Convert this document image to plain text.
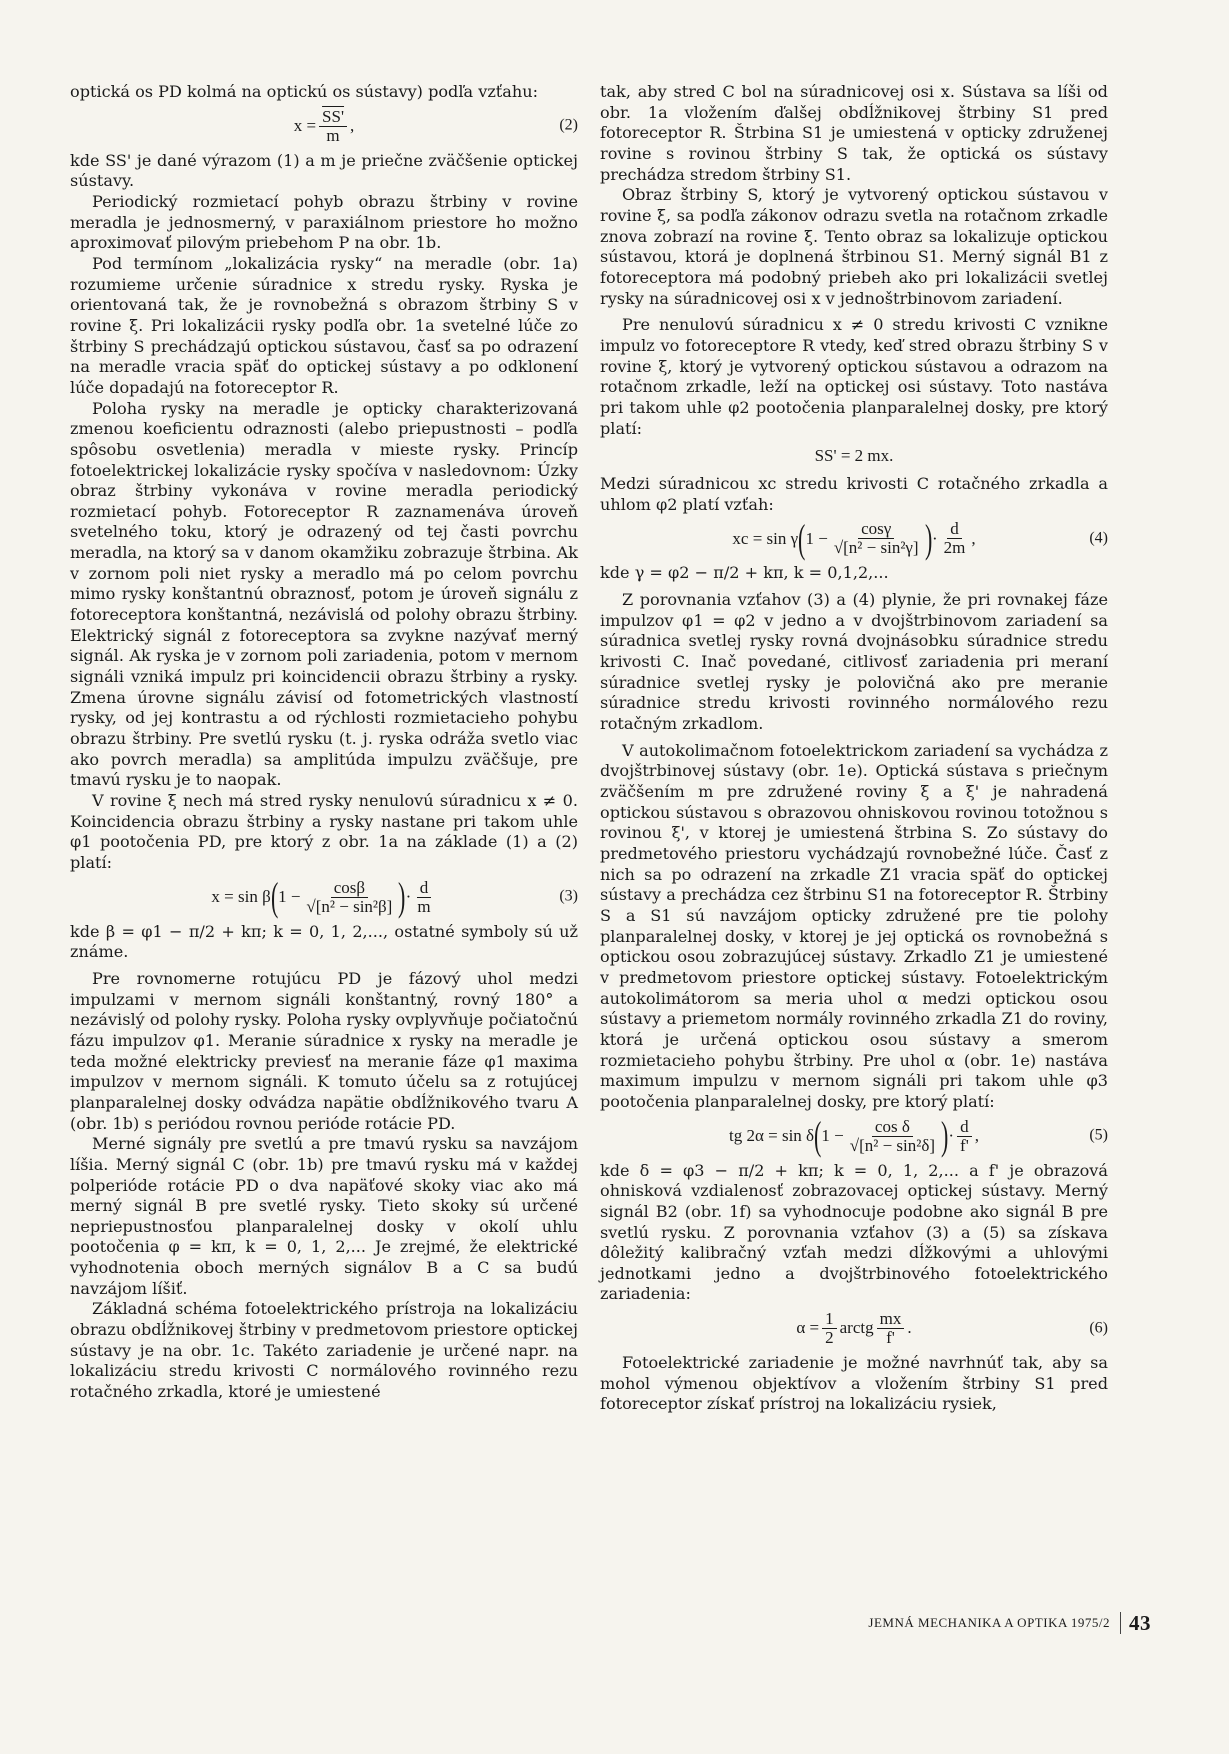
optická os PD kolmá na optickú os sústavy) podľa vzťahu:

$x = \frac{SS'}{m}$ ,	(2)

kde SS' je dané výrazom (1) a m je priečne zväčšenie optickej sústavy.

Periodický rozmietací pohyb obrazu štrbiny v rovine meradla je jednosmerný, v paraxiálnom priestore ho možno aproximovať pilovým priebehom P na obr. 1b.

Pod termínom „lokalizácia rysky“ na meradle (obr. 1a) rozumieme určenie súradnice x stredu rysky. Ryska je orientovaná tak, že je rovnobežná s obrazom štrbiny S v rovine ξ. Pri lokalizácii rysky podľa obr. 1a svetelné lúče zo štrbiny S prechádzajú optickou sústavou, časť sa po odrazení na meradle vracia späť do optickej sústavy a po odklonení lúče dopadajú na fotoreceptor R.

Poloha rysky na meradle je opticky charakterizovaná zmenou koeficientu odraznosti (alebo priepustnosti – podľa spôsobu osvetlenia) meradla v mieste rysky. Princíp fotoelektrickej lokalizácie rysky spočíva v nasledovnom: Úzky obraz štrbiny vykonáva v rovine meradla periodický rozmietací pohyb. Fotoreceptor R zaznamenáva úroveň svetelného toku, ktorý je odrazený od tej časti povrchu meradla, na ktorý sa v danom okamžiku zobrazuje štrbina. Ak v zornom poli niet rysky a meradlo má po celom povrchu mimo rysky konštantnú obraznosť, potom je úroveň signálu z fotoreceptora konštantná, nezávislá od polohy obrazu štrbiny. Elektrický signál z fotoreceptora sa zvykne nazývať merný signál. Ak ryska je v zornom poli zariadenia, potom v mernom signáli vzniká impulz pri koincidencii obrazu štrbiny a rysky. Zmena úrovne signálu závisí od fotometrických vlastností rysky, od jej kontrastu a od rýchlosti rozmietacieho pohybu obrazu štrbiny. Pre svetlú rysku (t. j. ryska odráža svetlo viac ako povrch meradla) sa amplitúda impulzu zväčšuje, pre tmavú rysku je to naopak.

V rovine ξ nech má stred rysky nenulovú súradnicu x ≠ 0. Koincidencia obrazu štrbiny a rysky nastane pri takom uhle φ1 pootočenia PD, pre ktorý z obr. 1a na základe (1) a (2) platí:

x = sin β ( $1 - \frac{\cos\beta}{\text{√[n² − sin²β]}}$ ) · $\frac{d}{m}$	(3)

kde β = φ1 − π/2 + kπ; k = 0, 1, 2,..., ostatné symboly sú už známe.

Pre rovnomerne rotujúcu PD je fázový uhol medzi impulzami v mernom signáli konštantný, rovný 180° a nezávislý od polohy rysky. Poloha rysky ovplyvňuje počiatočnú fázu impulzov φ1. Meranie súradnice x rysky na meradle je teda možné elektricky previesť na meranie fáze φ1 maxima impulzov v mernom signáli. K tomuto účelu sa z rotujúcej planparalelnej dosky odvádza napätie obdĺžnikového tvaru A (obr. 1b) s periódou rovnou perióde rotácie PD.

Merné signály pre svetlú a pre tmavú rysku sa navzájom líšia. Merný signál C (obr. 1b) pre tmavú rysku má v každej polperióde rotácie PD o dva napäťové skoky viac ako má merný signál B pre svetlé rysky. Tieto skoky sú určené nepriepustnosťou planparalelnej dosky v okolí uhlu pootočenia φ = kπ, k = 0, 1, 2,... Je zrejmé, že elektrické vyhodnotenia oboch merných signálov B a C sa budú navzájom líšiť.

Základná schéma fotoelektrického prístroja na lokalizáciu obrazu obdĺžnikovej štrbiny v predmetovom priestore optickej sústavy je na obr. 1c. Takéto zariadenie je určené napr. na lokalizáciu stredu krivosti C normálového rovinného rezu rotačného zrkadla, ktoré je umiestené

tak, aby stred C bol na súradnicovej osi x. Sústava sa líši od obr. 1a vložením ďalšej obdĺžnikovej štrbiny S1 pred fotoreceptor R. Štrbina S1 je umiestená v opticky združenej rovine s rovinou štrbiny S tak, že optická os sústavy prechádza stredom štrbiny S1.

Obraz štrbiny S, ktorý je vytvorený optickou sústavou v rovine ξ, sa podľa zákonov odrazu svetla na rotačnom zrkadle znova zobrazí na rovine ξ. Tento obraz sa lokalizuje optickou sústavou, ktorá je doplnená štrbinou S1. Merný signál B1 z fotoreceptora má podobný priebeh ako pri lokalizácii svetlej rysky na súradnicovej osi x v jednoštrbinovom zariadení.

Pre nenulovú súradnicu x ≠ 0 stredu krivosti C vznikne impulz vo fotoreceptore R vtedy, keď stred obrazu štrbiny S v rovine ξ, ktorý je vytvorený optickou sústavou a odrazom na rotačnom zrkadle, leží na optickej osi sústavy. Toto nastáva pri takom uhle φ2 pootočenia planparalelnej dosky, pre ktorý platí:

SS' = 2 mx.

Medzi súradnicou xc stredu krivosti C rotačného zrkadla a uhlom φ2 platí vzťah:

xc = sin γ ( $1 - \frac{\cos\gamma}{\text{√[n² − sin²γ]}}$ ) · $\frac{d}{2m}$ ,	(4)

kde γ = φ2 − π/2 + kπ, k = 0,1,2,...

Z porovnania vzťahov (3) a (4) plynie, že pri rovnakej fáze impulzov φ1 = φ2 v jedno a v dvojštrbinovom zariadení sa súradnica svetlej rysky rovná dvojnásobku súradnice stredu krivosti C. Inač povedané, citlivosť zariadenia pri meraní súradnice svetlej rysky je polovičná ako pre meranie súradnice stredu krivosti rovinného normálového rezu rotačným zrkadlom.

V autokolimačnom fotoelektrickom zariadení sa vychádza z dvojštrbinovej sústavy (obr. 1e). Optická sústava s priečnym zväčšením m pre združené roviny ξ a ξ' je nahradená optickou sústavou s obrazovou ohniskovou rovinou totožnou s rovinou ξ', v ktorej je umiestená štrbina S. Zo sústavy do predmetového priestoru vychádzajú rovnobežné lúče. Časť z nich sa po odrazení na zrkadle Z1 vracia späť do optickej sústavy a prechádza cez štrbinu S1 na fotoreceptor R. Štrbiny S a S1 sú navzájom opticky združené pre tie polohy planparalelnej dosky, v ktorej je jej optická os rovnobežná s optickou osou zobrazujúcej sústavy. Zrkadlo Z1 je umiestené v predmetovom priestore optickej sústavy. Fotoelektrickým autokolimátorom sa meria uhol α medzi optickou osou sústavy a priemetom normály rovinného zrkadla Z1 do roviny, ktorá je určená optickou osou sústavy a smerom rozmietacieho pohybu štrbiny. Pre uhol α (obr. 1e) nastáva maximum impulzu v mernom signáli pri takom uhle φ3 pootočenia planparalelnej dosky, pre ktorý platí:

tg 2α = sin δ ( $1 - \frac{\text{cos δ}}{\text{√[n² − sin²δ]}}$ ) · $\frac{d}{f'}$ ,	(5)

kde δ = φ3 − π/2 + kπ; k = 0, 1, 2,... a f' je obrazová ohnisková vzdialenosť zobrazovacej optickej sústavy. Merný signál B2 (obr. 1f) sa vyhodnocuje podobne ako signál B pre svetlú rysku. Z porovnania vzťahov (3) a (5) sa získava dôležitý kalibračný vzťah medzi dĺžkovými a uhlovými jednotkami jedno a dvojštrbinového fotoelektrického zariadenia:

$\alpha = \frac{1}{2}$ arctg $\frac{mx}{f'}$ .	(6)

Fotoelektrické zariadenie je možné navrhnúť tak, aby sa mohol výmenou objektívov a vložením štrbiny S1 pred fotoreceptor získať prístroj na lokalizáciu rysiek,

JEMNÁ MECHANIKA A OPTIKA 1975/2 43
